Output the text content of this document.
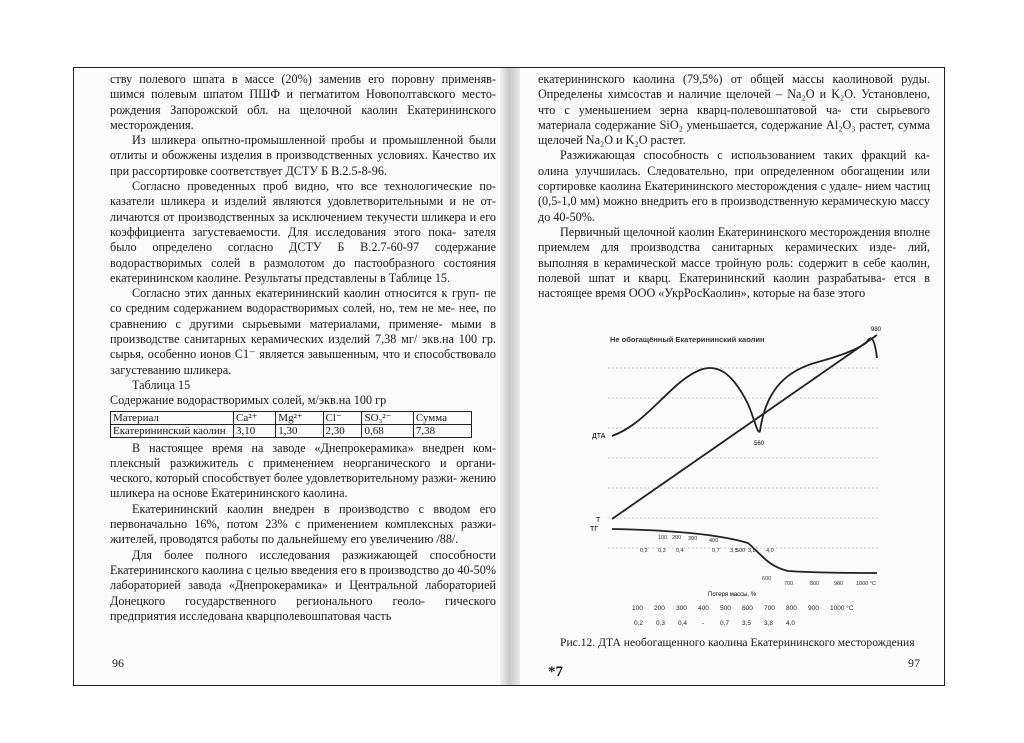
ству полевого шпата в массе (20%) заменив его поровну применяв- шимся полевым шпатом ПШФ и пегматитом Новополтавского место- рождения Запорожской обл. на щелочной каолин Екатерининского месторождения.

Из шликера опытно-промышленной пробы и промышленной были отлиты и обожжены изделия в производственных условиях. Качество их при рассортировке соответствует ДСТУ Б В.2.5-8-96.

Согласно проведенных проб видно, что все технологические по- казатели шликера и изделий являются удовлетворительными и не от- личаются от производственных за исключением текучести шликера и его коэффициента загустеваемости. Для исследования этого пока- зателя было определено согласно ДСТУ Б В.2.7-60-97 содержание водорастворимых солей в размолотом до пастообразного состояния екатерининском каолине. Результаты представлены в Таблице 15.

Согласно этих данных екатерининский каолин относится к груп- пе со средним содержанием водорастворимых солей, но, тем не ме- нее, по сравнению с другими сырьевыми материалами, применяе- мыми в производстве санитарных керамических изделий 7,38 мг/ экв.на 100 гр. сырья, особенно ионов С1⁻ является завышенным, что и способствовало загустеванию шликера.

Таблица 15

Содержание водорастворимых солей, м/экв.на 100 гр

Материал	Ca²⁺	Mg²⁺	Cl⁻	SO₃²⁻	Сумма
Екатерининский каолин	3,10	1,30	2,30	0,68	7,38

В настоящее время на заводе «Днепрокерамика» внедрен ком- плексный разжижитель с применением неорганического и органи- ческого, который способствует более удовлетворительному разжи- жению шликера на основе Екатерининского каолина.

Екатерининский каолин внедрен в производство с вводом его первоначально 16%, потом 23% с применением комплексных разжи- жителей, проводятся работы по дальнейшему его увеличению /88/.

Для более полного исследования разжижающей способности Екатерининского каолина с целью введения его в производство до 40-50% лабораторией завода «Днепрокерамика» и Центральной лабораторией Донецкого государственного регионального геоло- гического предприятия исследована кварцполевошпатовая часть

96

екатерининского каолина (79,5%) от общей массы каолиновой руды. Определены химсостав и наличие щелочей – Na₂O и K₂O. Установлено, что с уменьшением зерна кварц-полевошпатовой ча- сти сырьевого материала содержание SiO₂ уменьшается, содержание Al₂O₃ растет, сумма щелочей Na₂O и K₂O растет.

Разжижающая способность с использованием таких фракций ка- олина улучшилась. Следовательно, при определенном обогащении или сортировке каолина Екатерининского месторождения с удале- нием частиц (0,5-1,0 мм) можно внедрить его в производственную керамическую массу до 40-50%.

Первичный щелочной каолин Екатерининского месторождения вполне приемлем для производства санитарных керамических изде- лий, выполняя в керамической массе тройную роль: содержит в себе каолин, полевой шпат и кварц. Екатерининский каолин разрабатыва- ется в настоящее время ООО «УкрРосКаолин», которые на базе этого

Не обогащённый Екатерининский каолин
ДТА
560
980
T
TГ
100 200 300 400
500
600
700	800	900 1000 °C
0,2 0,3 0,4	0,7 3,5 3,8 4,0
Потеря массы, %
100 200 300 400 500 600 700 800 900 1000 °C
0,2 0,3 0,4 - 0,7 3,5 3,8 4,0
Рис.12. ДТА необогащенного каолина Екатерининского месторождения
*7
97
